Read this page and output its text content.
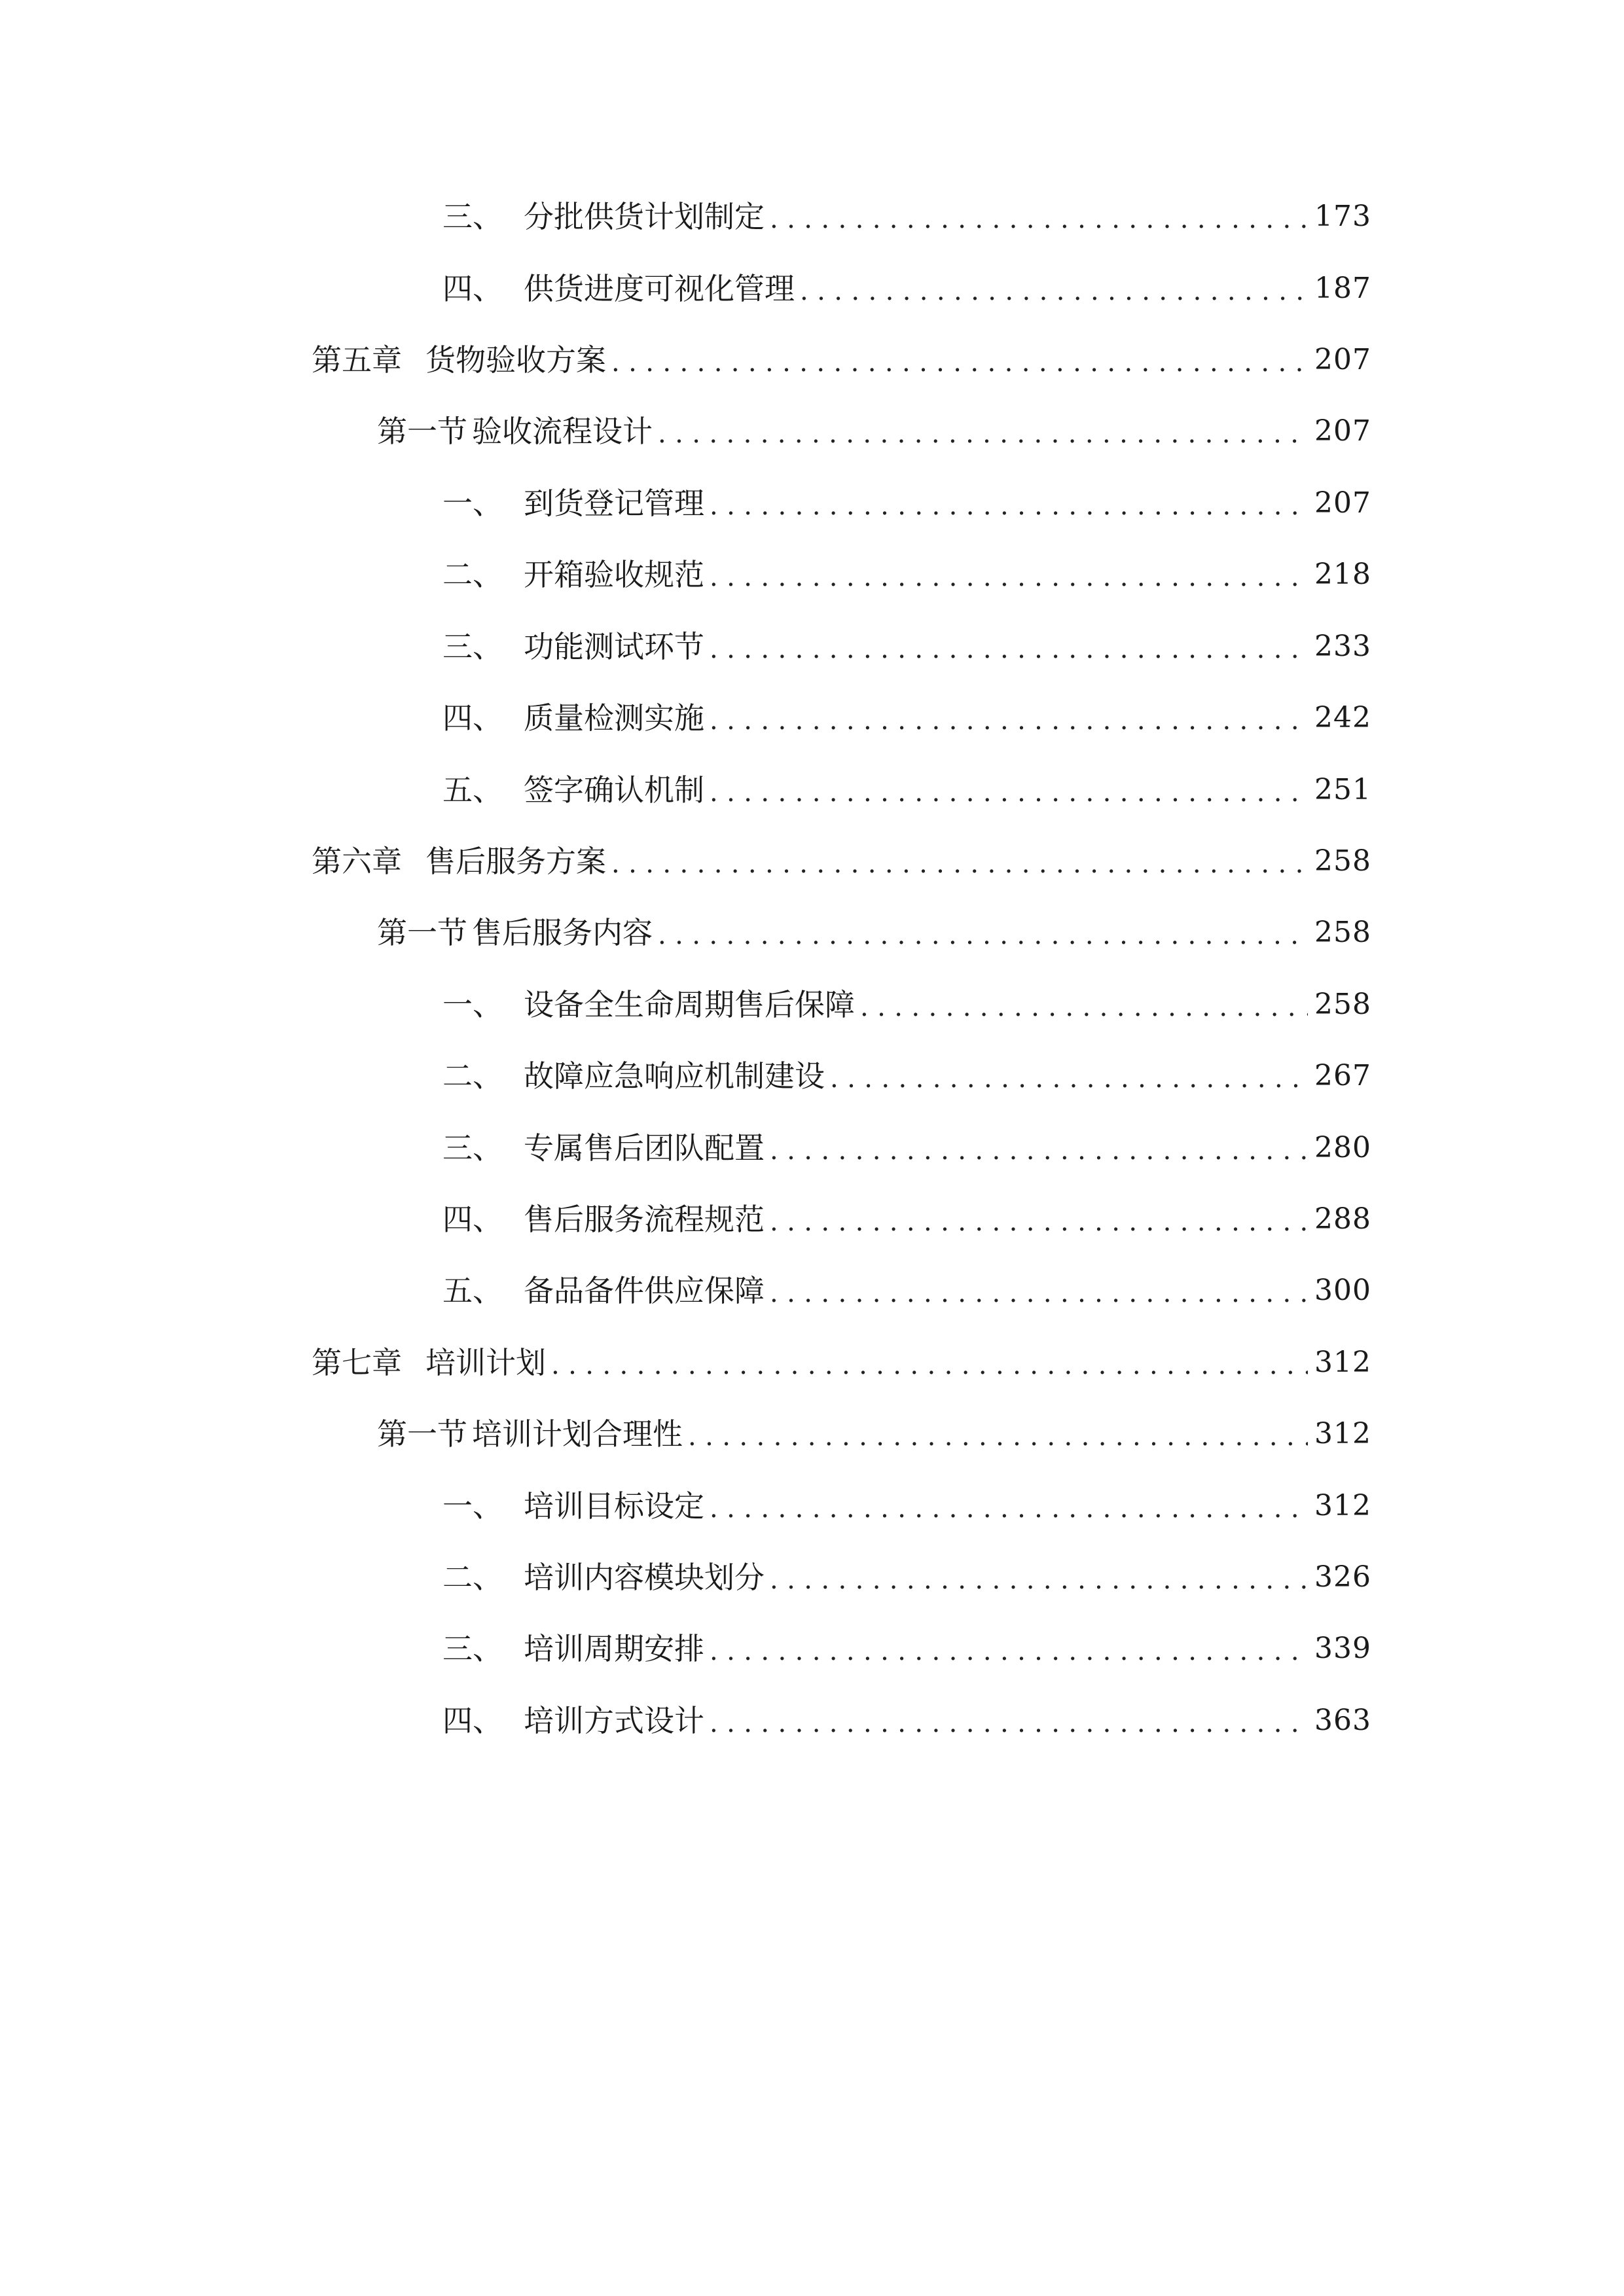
三、 分批供货计划制定 .....	173
四、 供货进度可视化管理 .....	187
第五章 货物验收方案 .....	207
第一节 验收流程设计 .....	207
一、 到货登记管理 .....	207
二、 开箱验收规范 .....	218
三、 功能测试环节 .....	233
四、 质量检测实施 .....	242
五、 签字确认机制 .....	251
第六章 售后服务方案 .....	258
第一节 售后服务内容 .....	258
一、 设备全生命周期售后保障 .....	258
二、 故障应急响应机制建设 .....	267
三、 专属售后团队配置 .....	280
四、 售后服务流程规范 .....	288
五、 备品备件供应保障 .....	300
第七章 培训计划 .....	312
第一节 培训计划合理性 .....	312
一、 培训目标设定 .....	312
二、 培训内容模块划分 .....	326
三、 培训周期安排 .....	339
四、 培训方式设计 .....	363
